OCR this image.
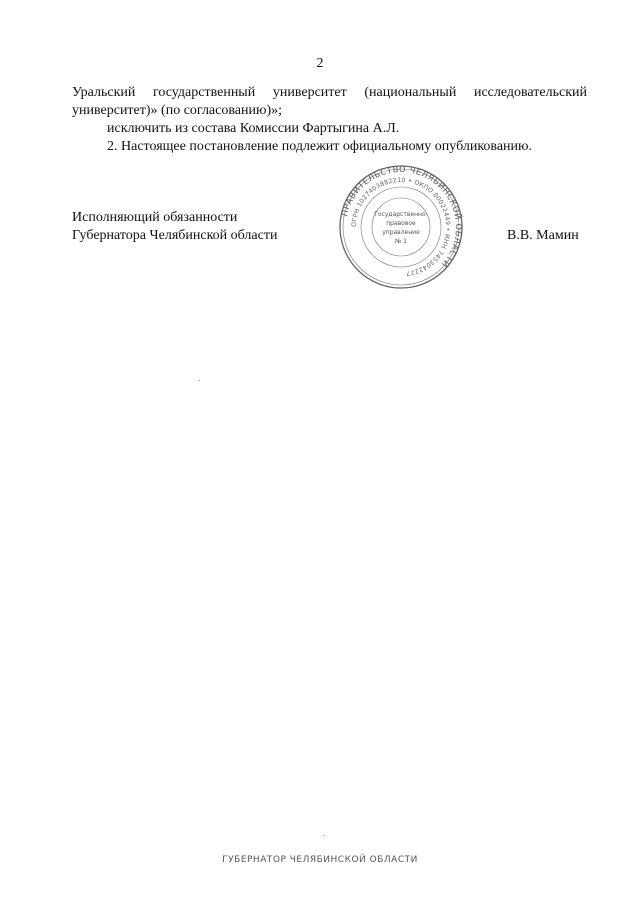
2

Уральский государственный университет (национальный исследовательский

университет)» (по согласованию)»;

исключить из состава Комиссии Фартыгина А.Л.

2. Настоящее постановление подлежит официальному опубликованию.

Исполняющий обязанности
Губернатора Челябинской области	В.В. Мамин
ПРАВИТЕЛЬСТВО ЧЕЛЯБИНСКОЙ ОБЛАСТИ
ОГРН 1027403882210 • ОКПО 00022449 • ИНН 7453042227
Государственно-
правовое
управление
№ 1
ГУБЕРНАТОР ЧЕЛЯБИНСКОЙ ОБЛАСТИ
